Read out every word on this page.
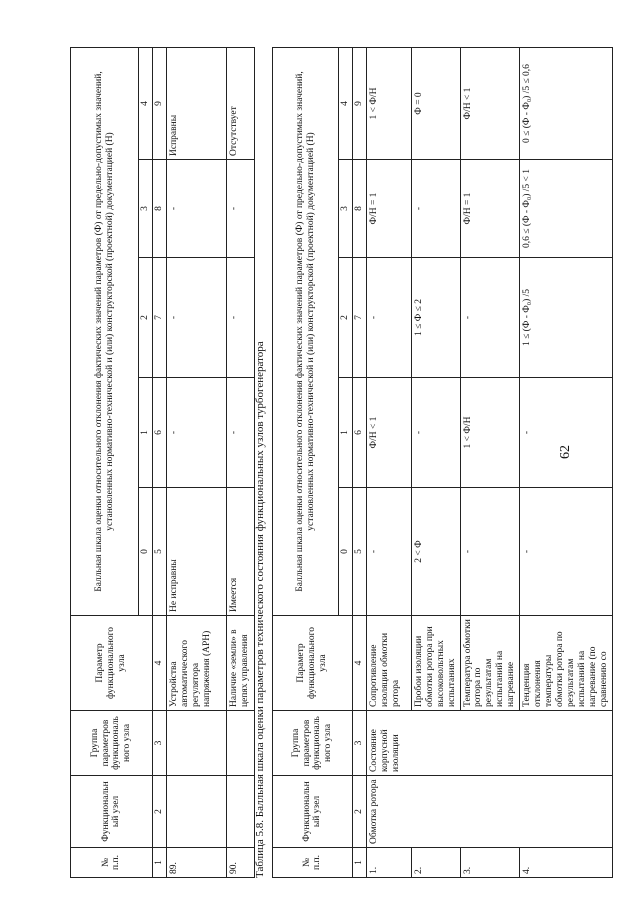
62
№ п.п.	Функциональный узел	Группа параметров функционального узла	Параметр функционального узла	Балльная шкала оценки относительного отклонения фактических значений параметров (Ф) от предельно-допустимых значений, установленных нормативно-технической и (или) конструкторской (проектной) документацией (Н)				
				0	1	2	3	4
1	2	3	4	5	6	7	8	9
89.			Устройства автоматического регулятора напряжения (АРН)	Не исправны	-	-	-	Исправны
90.			Наличие «земли» в цепях управления	Имеется	-	-	-	Отсутствует
Таблица 5.8. Балльная шкала оценки параметров технического состояния функциональных узлов турбогенератора	№ п.п.	Функциональный узел	Группа параметров функционального узла	Параметр функционального узла	Балльная шкала оценки относительного отклонения фактических значений параметров (Ф) от предельно-допустимых значений, установленных нормативно-технической и (или) конструкторской (проектной) документацией (Н)				
				0	1	2	3	4
1	2	3	4	5	6	7	8	9
1.	Обмотка ротора	Состояние корпусной изоляции	Сопротивление изоляции обмотки ротора	-	Ф/Н < 1	-	Ф/Н = 1	1 < Ф/Н
2.			Пробои изоляции обмотки ротора при высоковольтных испытаниях	2 < Ф	-	1 ≤ Ф ≤ 2	-	Ф = 0
3.			Температура обмотки ротора по результатам испытаний на нагревание	-	1 < Ф/Н	-	Ф/Н = 1	Ф/Н < 1
4.			Тенденция отклонения температуры обмотки ротора по результатам испытаний на нагревание (по сравнению со	-	-	1 ≤ (Ф - Ф₀) /5	0,6 ≤ (Ф - Ф₀) /5 < 1	0 ≤ (Ф - Ф₀) /5 ≤ 0,6
